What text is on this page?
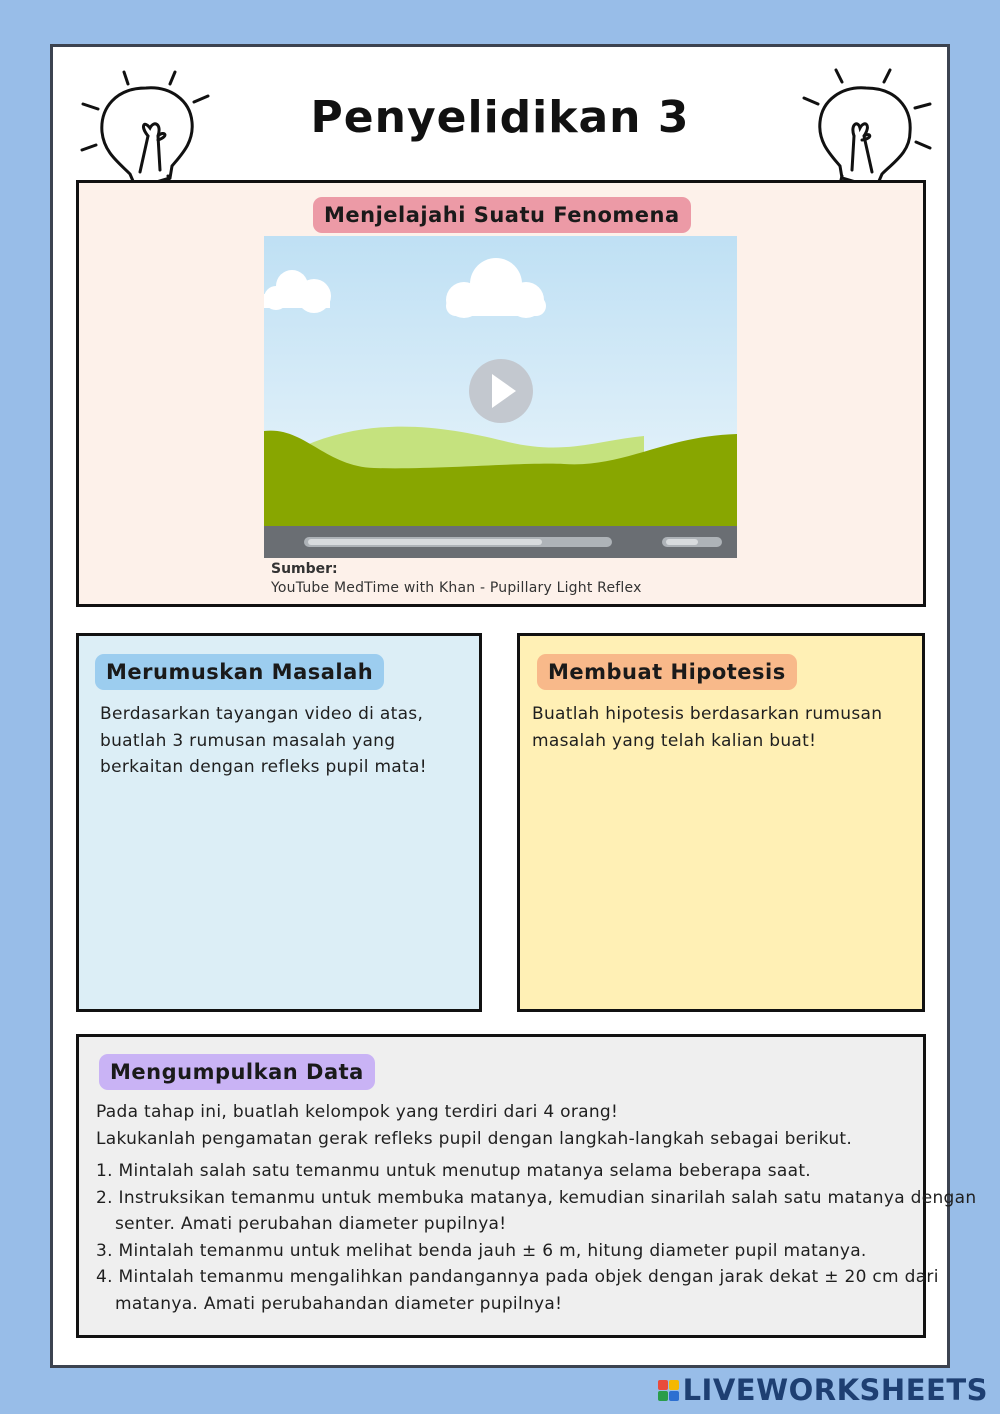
Penyelidikan 3
Menjelajahi Suatu Fenomena
Sumber:
YouTube MedTime with Khan - Pupillary Light Reflex
Merumuskan Masalah
Berdasarkan tayangan video di atas,
buatlah 3 rumusan masalah yang
berkaitan dengan refleks pupil mata!
Membuat Hipotesis
Buatlah hipotesis berdasarkan rumusan
masalah yang telah kalian buat!
Mengumpulkan Data
Pada tahap ini, buatlah kelompok yang terdiri dari 4 orang!
Lakukanlah pengamatan gerak refleks pupil dengan langkah-langkah sebagai berikut.
1. Mintalah salah satu temanmu untuk menutup matanya selama beberapa saat.
2. Instruksikan temanmu untuk membuka matanya, kemudian sinarilah salah satu matanya dengan senter. Amati perubahan diameter pupilnya!
3. Mintalah temanmu untuk melihat benda jauh ± 6 m, hitung diameter pupil matanya.
4. Mintalah temanmu mengalihkan pandangannya pada objek dengan jarak dekat ± 20 cm dari matanya. Amati perubahandan diameter pupilnya!
LIVEWORKSHEETS
